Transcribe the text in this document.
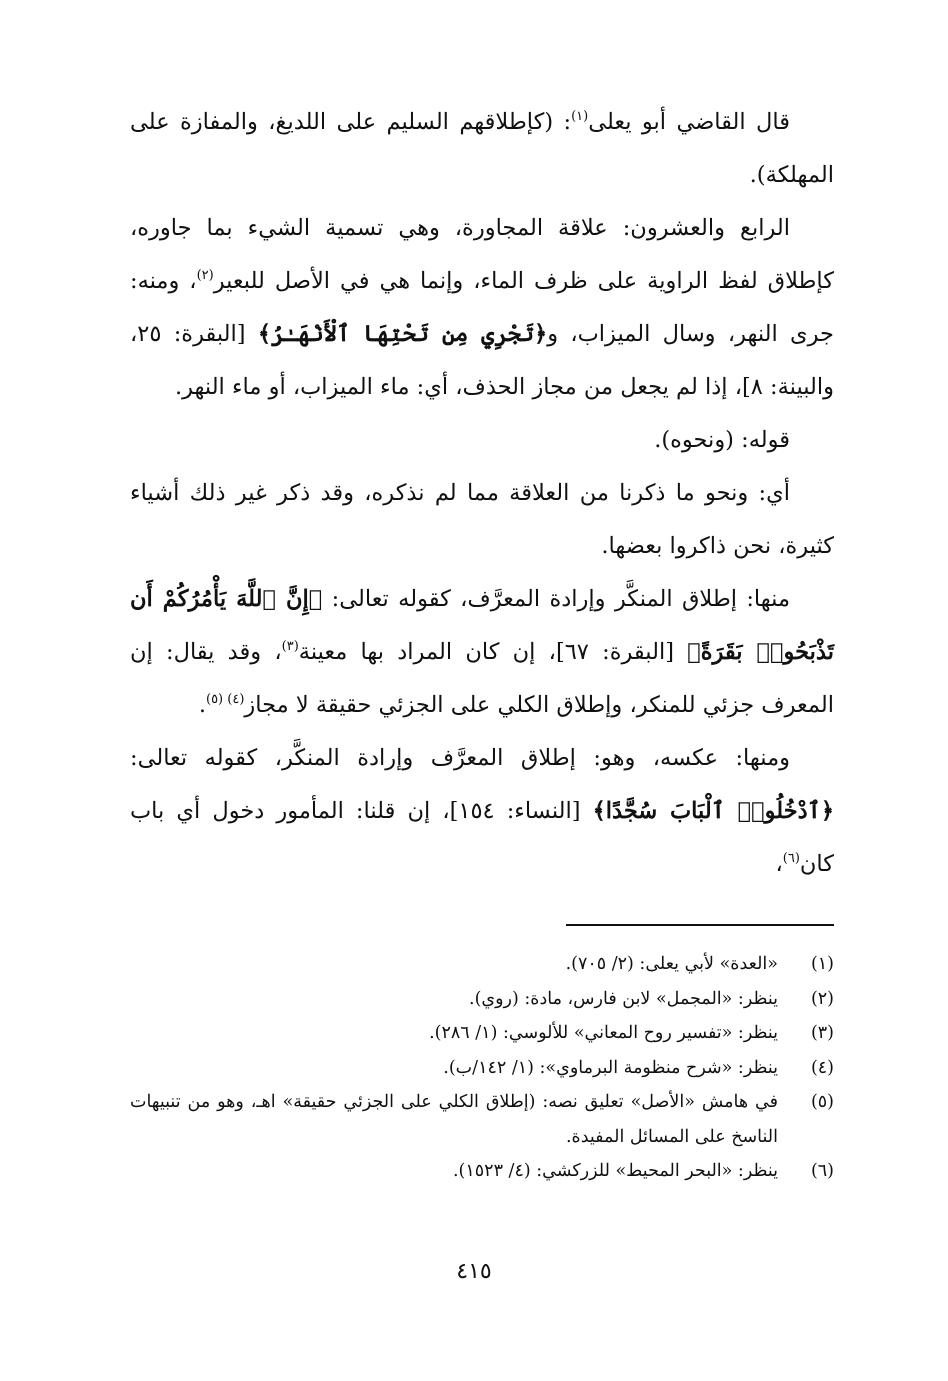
قال القاضي أبو يعلى$^{(١)}$: (كإطلاقهم السليم على اللديغ، والمفازة على المهلكة).

الرابع والعشرون: علاقة المجاورة، وهي تسمية الشيء بما جاوره، كإطلاق لفظ الراوية على ظرف الماء، وإنما هي في الأصل للبعير$^{(٢)}$، ومنه: جرى النهر، وسال الميزاب، و﴿تَجْرِي مِن تَحْتِهَا ٱلْأَنْهَـٰرُ﴾ [البقرة: ٢٥، والبينة: ٨]، إذا لم يجعل من مجاز الحذف، أي: ماء الميزاب، أو ماء النهر.

قوله: (ونحوه).

أي: ونحو ما ذكرنا من العلاقة مما لم نذكره، وقد ذكر غير ذلك أشياء كثيرة، نحن ذاكروا بعضها.

منها: إطلاق المنكَّر وإرادة المعرَّف، كقوله تعالى: ﴿إِنَّ ٱللَّهَ يَأْمُرُكُمْ أَن تَذْبَحُوا۟ بَقَرَةً﴾ [البقرة: ٦٧]، إن كان المراد بها معينة$^{(٣)}$، وقد يقال: إن المعرف جزئي للمنكر، وإطلاق الكلي على الجزئي حقيقة لا مجاز$^{(٤) (٥)}$.

ومنها: عكسه، وهو: إطلاق المعرَّف وإرادة المنكَّر، كقوله تعالى: ﴿ٱدْخُلُوا۟ ٱلْبَابَ سُجَّدًا﴾ [النساء: ١٥٤]، إن قلنا: المأمور دخول أي باب كان$^{(٦)}$،

(١)
«العدة» لأبي يعلى: (٢/ ٧٠٥).
(٢)
ينظر: «المجمل» لابن فارس، مادة: (روي).
(٣)
ينظر: «تفسير روح المعاني» للألوسي: (١/ ٢٨٦).
(٤)
ينظر: «شرح منظومة البرماوي»: (١/ ١٤٢/ب).
(٥)
في هامش «الأصل» تعليق نصه: (إطلاق الكلي على الجزئي حقيقة» اهـ، وهو من تنبيهات الناسخ على المسائل المفيدة.
(٦)
ينظر: «البحر المحيط» للزركشي: (٤/ ١٥٢٣).
٤١٥
